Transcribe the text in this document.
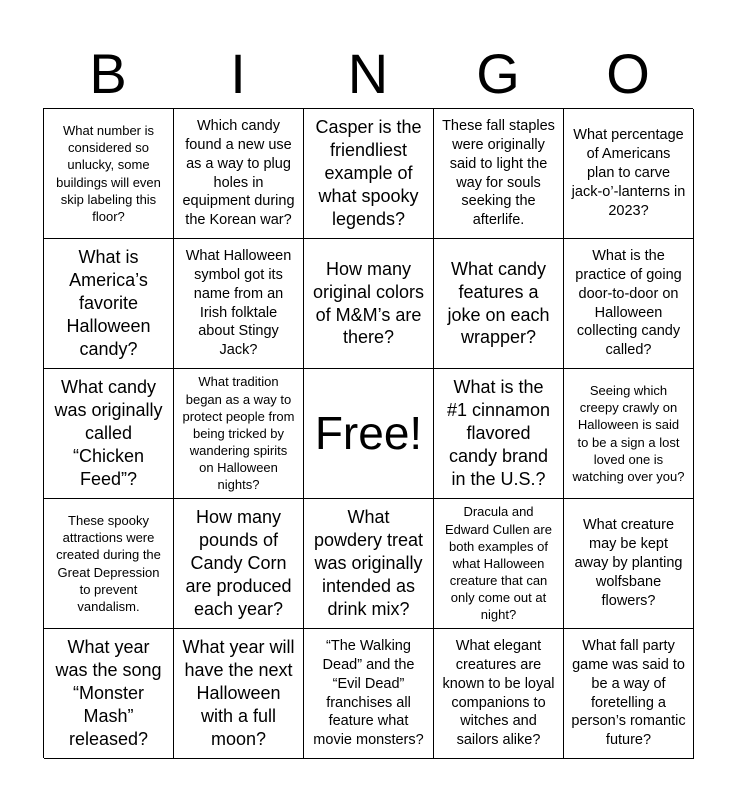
B	I	N	G	O
What number is considered so unlucky, some buildings will even skip labeling this floor?
Which candy found a new use as a way to plug holes in equipment during the Korean war?
Casper is the friendliest example of what spooky legends?
These fall staples were originally said to light the way for souls seeking the afterlife.
What percentage of Americans plan to carve jack-o’-lanterns in 2023?
What is America’s favorite Halloween candy?
What Halloween symbol got its name from an Irish folktale about Stingy Jack?
How many original colors of M&M’s are there?
What candy features a joke on each wrapper?
What is the practice of going door-to-door on Halloween collecting candy called?
What candy was originally called “Chicken Feed”?
What tradition began as a way to protect people from being tricked by wandering spirits on Halloween nights?
Free!
What is the #1 cinnamon flavored candy brand in the U.S.?
Seeing which creepy crawly on Halloween is said to be a sign a lost loved one is watching over you?
These spooky attractions were created during the Great Depression to prevent vandalism.
How many pounds of Candy Corn are produced each year?
What powdery treat was originally intended as drink mix?
Dracula and Edward Cullen are both examples of what Halloween creature that can only come out at night?
What creature may be kept away by planting wolfsbane flowers?
What year was the song “Monster Mash” released?
What year will have the next Halloween with a full moon?
“The Walking Dead” and the “Evil Dead” franchises all feature what movie monsters?
What elegant creatures are known to be loyal companions to witches and sailors alike?
What fall party game was said to be a way of foretelling a person’s romantic future?
